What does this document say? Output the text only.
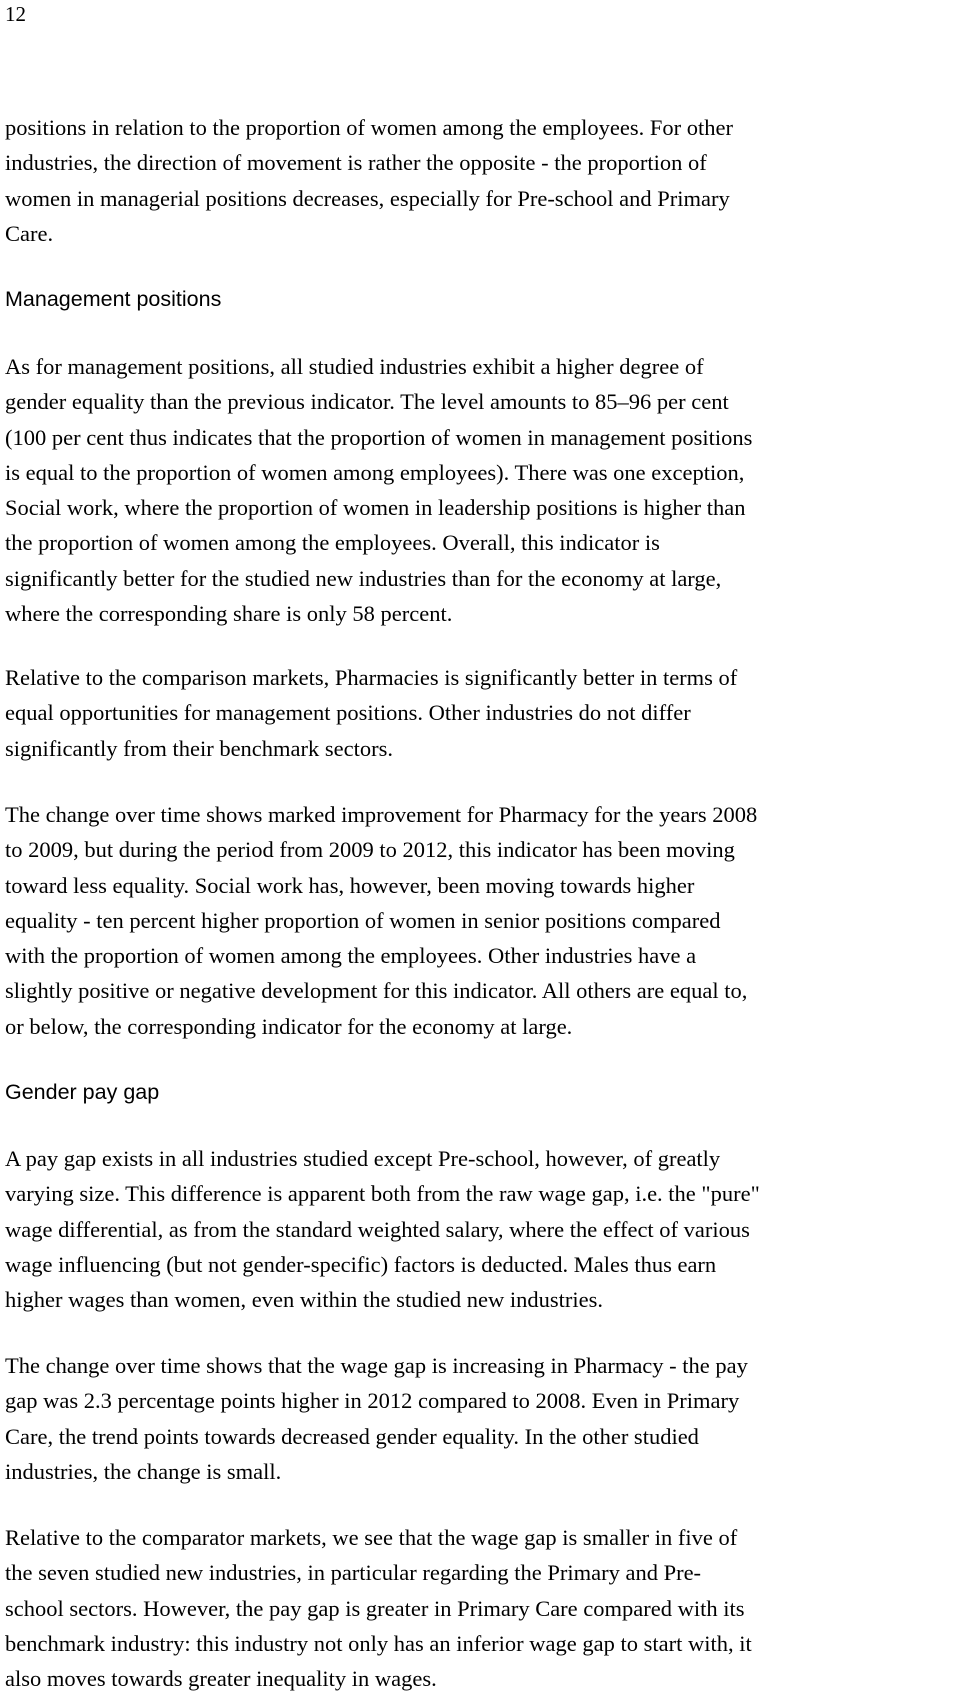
12
positions in relation to the proportion of women among the employees. For other
industries, the direction of movement is rather the opposite - the proportion of
women in managerial positions decreases, especially for Pre-school and Primary
Care.
Management positions
As for management positions, all studied industries exhibit a higher degree of
gender equality than the previous indicator. The level amounts to 85–96 per cent
(100 per cent thus indicates that the proportion of women in management positions
is equal to the proportion of women among employees). There was one exception,
Social work, where the proportion of women in leadership positions is higher than
the proportion of women among the employees. Overall, this indicator is
significantly better for the studied new industries than for the economy at large,
where the corresponding share is only 58 percent.
Relative to the comparison markets, Pharmacies is significantly better in terms of
equal opportunities for management positions. Other industries do not differ
significantly from their benchmark sectors.
The change over time shows marked improvement for Pharmacy for the years 2008
to 2009, but during the period from 2009 to 2012, this indicator has been moving
toward less equality. Social work has, however, been moving towards higher
equality - ten percent higher proportion of women in senior positions compared
with the proportion of women among the employees. Other industries have a
slightly positive or negative development for this indicator. All others are equal to,
or below, the corresponding indicator for the economy at large.
Gender pay gap
A pay gap exists in all industries studied except Pre-school, however, of greatly
varying size. This difference is apparent both from the raw wage gap, i.e. the "pure"
wage differential, as from the standard weighted salary, where the effect of various
wage influencing (but not gender-specific) factors is deducted. Males thus earn
higher wages than women, even within the studied new industries.
The change over time shows that the wage gap is increasing in Pharmacy - the pay
gap was 2.3 percentage points higher in 2012 compared to 2008. Even in Primary
Care, the trend points towards decreased gender equality. In the other studied
industries, the change is small.
Relative to the comparator markets, we see that the wage gap is smaller in five of
the seven studied new industries, in particular regarding the Primary and Pre-
school sectors. However, the pay gap is greater in Primary Care compared with its
benchmark industry: this industry not only has an inferior wage gap to start with, it
also moves towards greater inequality in wages.
